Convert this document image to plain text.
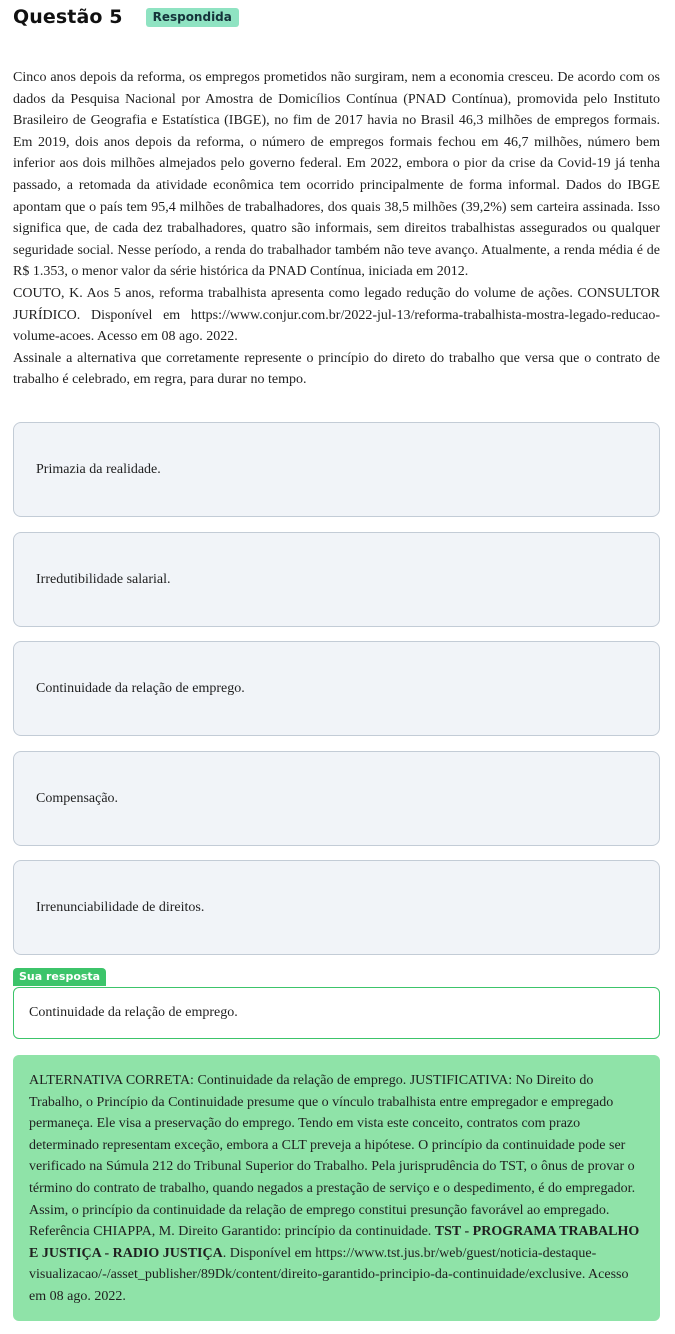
Questão 5	Respondida

Cinco anos depois da reforma, os empregos prometidos não surgiram, nem a economia cresceu. De acordo com os dados da Pesquisa Nacional por Amostra de Domicílios Contínua (PNAD Contínua), promovida pelo Instituto Brasileiro de Geografia e Estatística (IBGE), no fim de 2017 havia no Brasil 46,3 milhões de empregos formais. Em 2019, dois anos depois da reforma, o número de empregos formais fechou em 46,7 milhões, número bem inferior aos dois milhões almejados pelo governo federal. Em 2022, embora o pior da crise da Covid-19 já tenha passado, a retomada da atividade econômica tem ocorrido principalmente de forma informal. Dados do IBGE apontam que o país tem 95,4 milhões de trabalhadores, dos quais 38,5 milhões (39,2%) sem carteira assinada. Isso significa que, de cada dez trabalhadores, quatro são informais, sem direitos trabalhistas assegurados ou qualquer seguridade social. Nesse período, a renda do trabalhador também não teve avanço. Atualmente, a renda média é de R$ 1.353, o menor valor da série histórica da PNAD Contínua, iniciada em 2012.

COUTO, K. Aos 5 anos, reforma trabalhista apresenta como legado redução do volume de ações. CONSULTOR JURÍDICO. Disponível em https://www.conjur.com.br/2022-jul-13/reforma-trabalhista-mostra-legado-reducao-volume-acoes. Acesso em 08 ago. 2022.

Assinale a alternativa que corretamente represente o princípio do direto do trabalho que versa que o contrato de trabalho é celebrado, em regra, para durar no tempo.

Primazia da realidade.
Irredutibilidade salarial.
Continuidade da relação de emprego.
Compensação.
Irrenunciabilidade de direitos.
Sua resposta
Continuidade da relação de emprego.
ALTERNATIVA CORRETA: Continuidade da relação de emprego. JUSTIFICATIVA: No Direito do Trabalho, o Princípio da Continuidade presume que o vínculo trabalhista entre empregador e empregado permaneça. Ele visa a preservação do emprego. Tendo em vista este conceito, contratos com prazo determinado representam exceção, embora a CLT preveja a hipótese. O princípio da continuidade pode ser verificado na Súmula 212 do Tribunal Superior do Trabalho. Pela jurisprudência do TST, o ônus de provar o término do contrato de trabalho, quando negados a prestação de serviço e o despedimento, é do empregador. Assim, o princípio da continuidade da relação de emprego constitui presunção favorável ao empregado. Referência CHIAPPA, M. Direito Garantido: princípio da continuidade. TST - PROGRAMA TRABALHO E JUSTIÇA - RADIO JUSTIÇA. Disponível em https://www.tst.jus.br/web/guest/noticia-destaque-visualizacao/-/asset_publisher/89Dk/content/direito-garantido-principio-da-continuidade/exclusive. Acesso em 08 ago. 2022.
